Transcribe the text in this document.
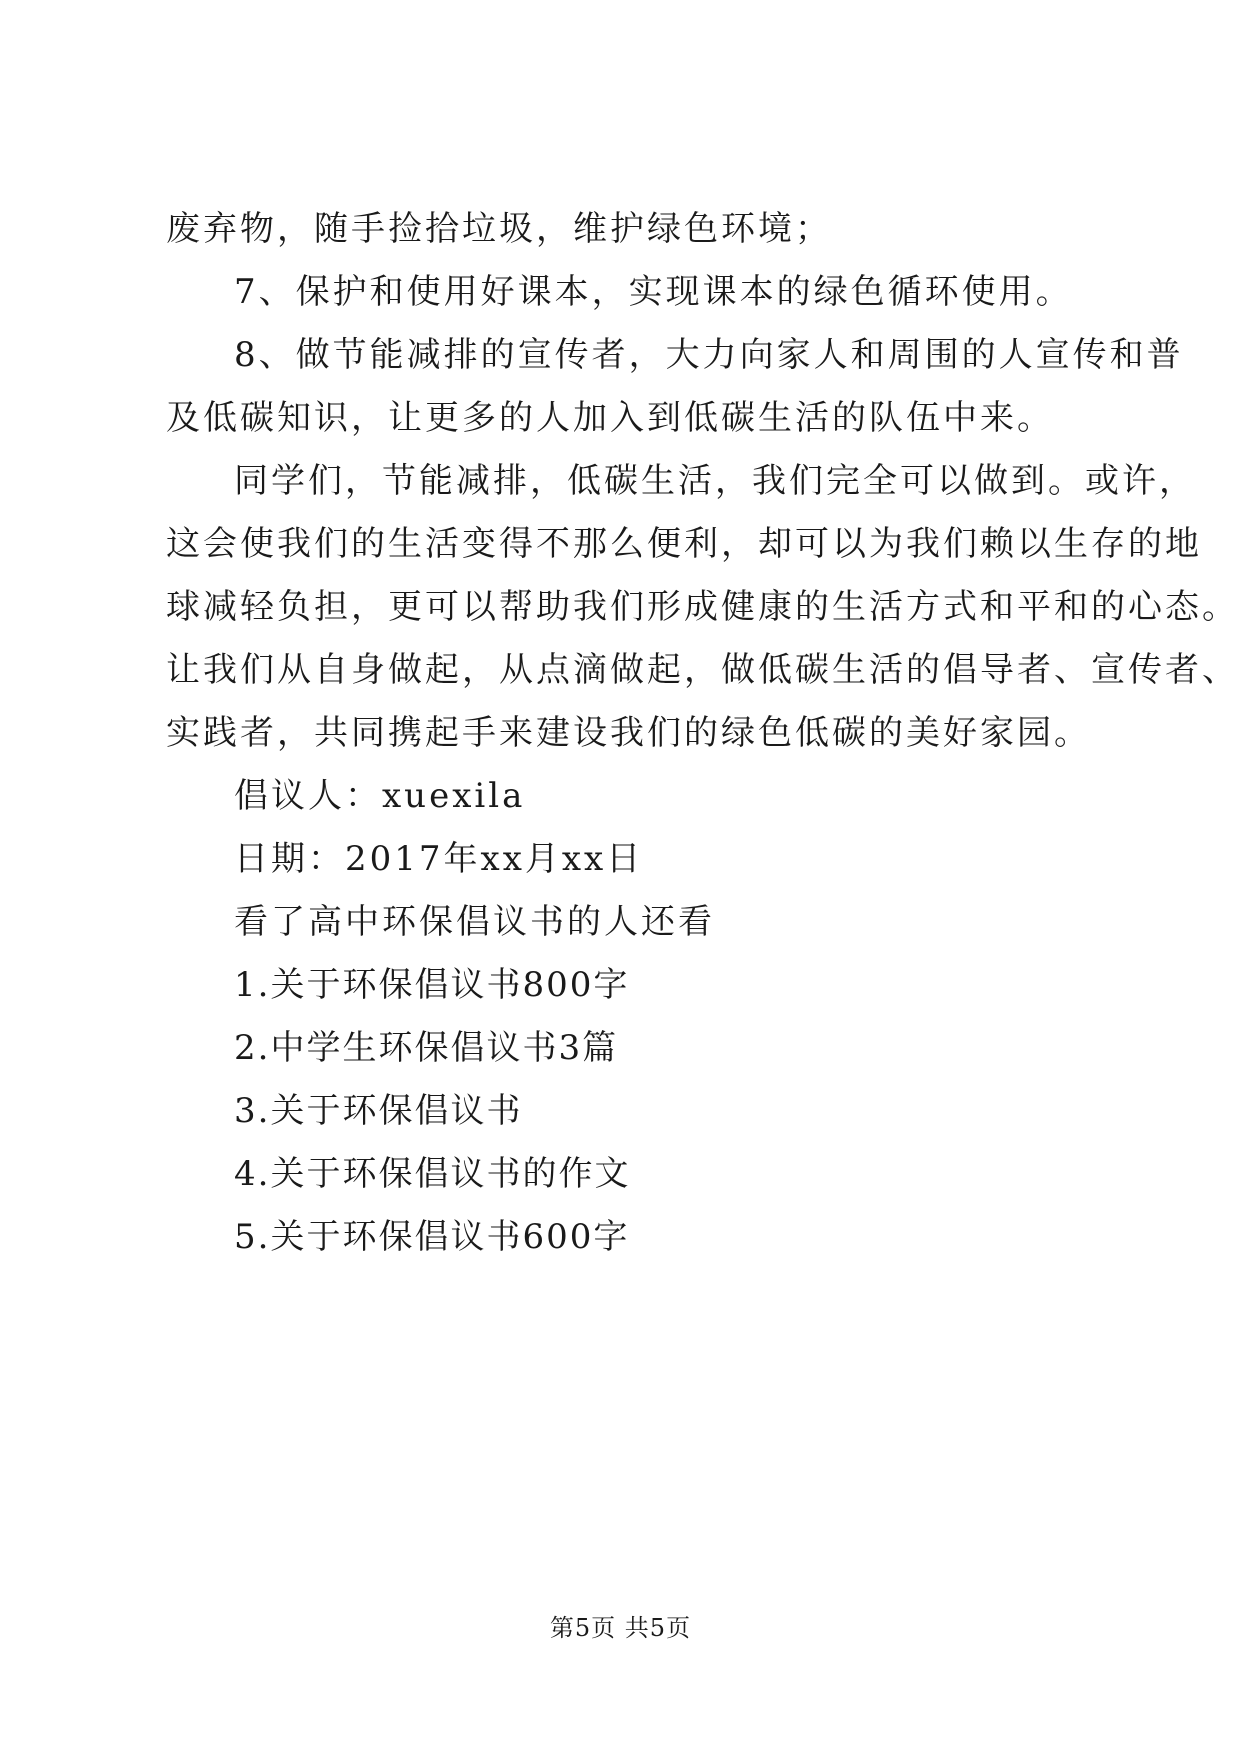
废弃物，随手捡拾垃圾，维护绿色环境；
7、保护和使用好课本，实现课本的绿色循环使用。
8、做节能减排的宣传者，大力向家人和周围的人宣传和普
及低碳知识，让更多的人加入到低碳生活的队伍中来。
同学们，节能减排，低碳生活，我们完全可以做到。或许，
这会使我们的生活变得不那么便利，却可以为我们赖以生存的地
球减轻负担，更可以帮助我们形成健康的生活方式和平和的心态。
让我们从自身做起，从点滴做起，做低碳生活的倡导者、宣传者、
实践者，共同携起手来建设我们的绿色低碳的美好家园。
倡议人：xuexila
日期：2017年xx月xx日
看了高中环保倡议书的人还看
1.关于环保倡议书800字
2.中学生环保倡议书3篇
3.关于环保倡议书
4.关于环保倡议书的作文
5.关于环保倡议书600字
第5页 共5页
